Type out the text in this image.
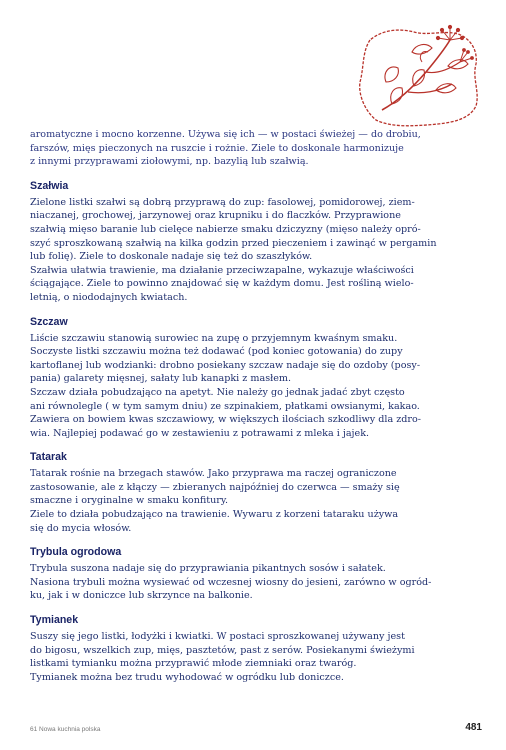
aromatyczne i mocno korzenne. Używa się ich — w postaci świeżej — do drobiu,
farszów, mięs pieczonych na ruszcie i rożnie. Ziele to doskonale harmonizuje
z innymi przyprawami ziołowymi, np. bazylią lub szałwią.

Szałwia

Zielone listki szałwi są dobrą przyprawą do zup: fasolowej, pomidorowej, ziem-
niaczanej, grochowej, jarzynowej oraz krupniku i do flaczków. Przyprawione
szałwią mięso baranie lub cielęce nabierze smaku dziczyzny (mięso należy opró-
szyć sproszkowaną szałwią na kilka godzin przed pieczeniem i zawinąć w pergamin
lub folię). Ziele to doskonale nadaje się też do szaszłyków.
Szałwia ułatwia trawienie, ma działanie przeciwzapalne, wykazuje właściwości
ściągające. Ziele to powinno znajdować się w każdym domu. Jest rośliną wielo-
letnią, o niododajnych kwiatach.

Szczaw

Liście szczawiu stanowią surowiec na zupę o przyjemnym kwaśnym smaku.
Soczyste listki szczawiu można też dodawać (pod koniec gotowania) do zupy
kartoflanej lub wodzianki: drobno posiekany szczaw nadaje się do ozdoby (posy-
pania) galarety mięsnej, sałaty lub kanapki z masłem.
Szczaw działa pobudzająco na apetyt. Nie należy go jednak jadać zbyt często
ani równolegle ( w tym samym dniu) ze szpinakiem, płatkami owsianymi, kakao.
Zawiera on bowiem kwas szczawiowy, w większych ilościach szkodliwy dla zdro-
wia. Najlepiej podawać go w zestawieniu z potrawami z mleka i jajek.

Tatarak

Tatarak rośnie na brzegach stawów. Jako przyprawa ma raczej ograniczone
zastosowanie, ale z kłączy — zbieranych najpóźniej do czerwca — smaży się
smaczne i oryginalne w smaku konfitury.
Ziele to działa pobudzająco na trawienie. Wywaru z korzeni tataraku używa
się do mycia włosów.

Trybula ogrodowa

Trybula suszona nadaje się do przyprawiania pikantnych sosów i sałatek.
Nasiona trybuli można wysiewać od wczesnej wiosny do jesieni, zarówno w ogród-
ku, jak i w doniczce lub skrzynce na balkonie.

Tymianek

Suszy się jego listki, łodyżki i kwiatki. W postaci sproszkowanej używany jest
do bigosu, wszelkich zup, mięs, pasztetów, past z serów. Posiekanymi świeżymi
listkami tymianku można przyprawić młode ziemniaki oraz twaróg.
Tymianek można bez trudu wyhodować w ogródku lub doniczce.

61 Nowa kuchnia polska	481
